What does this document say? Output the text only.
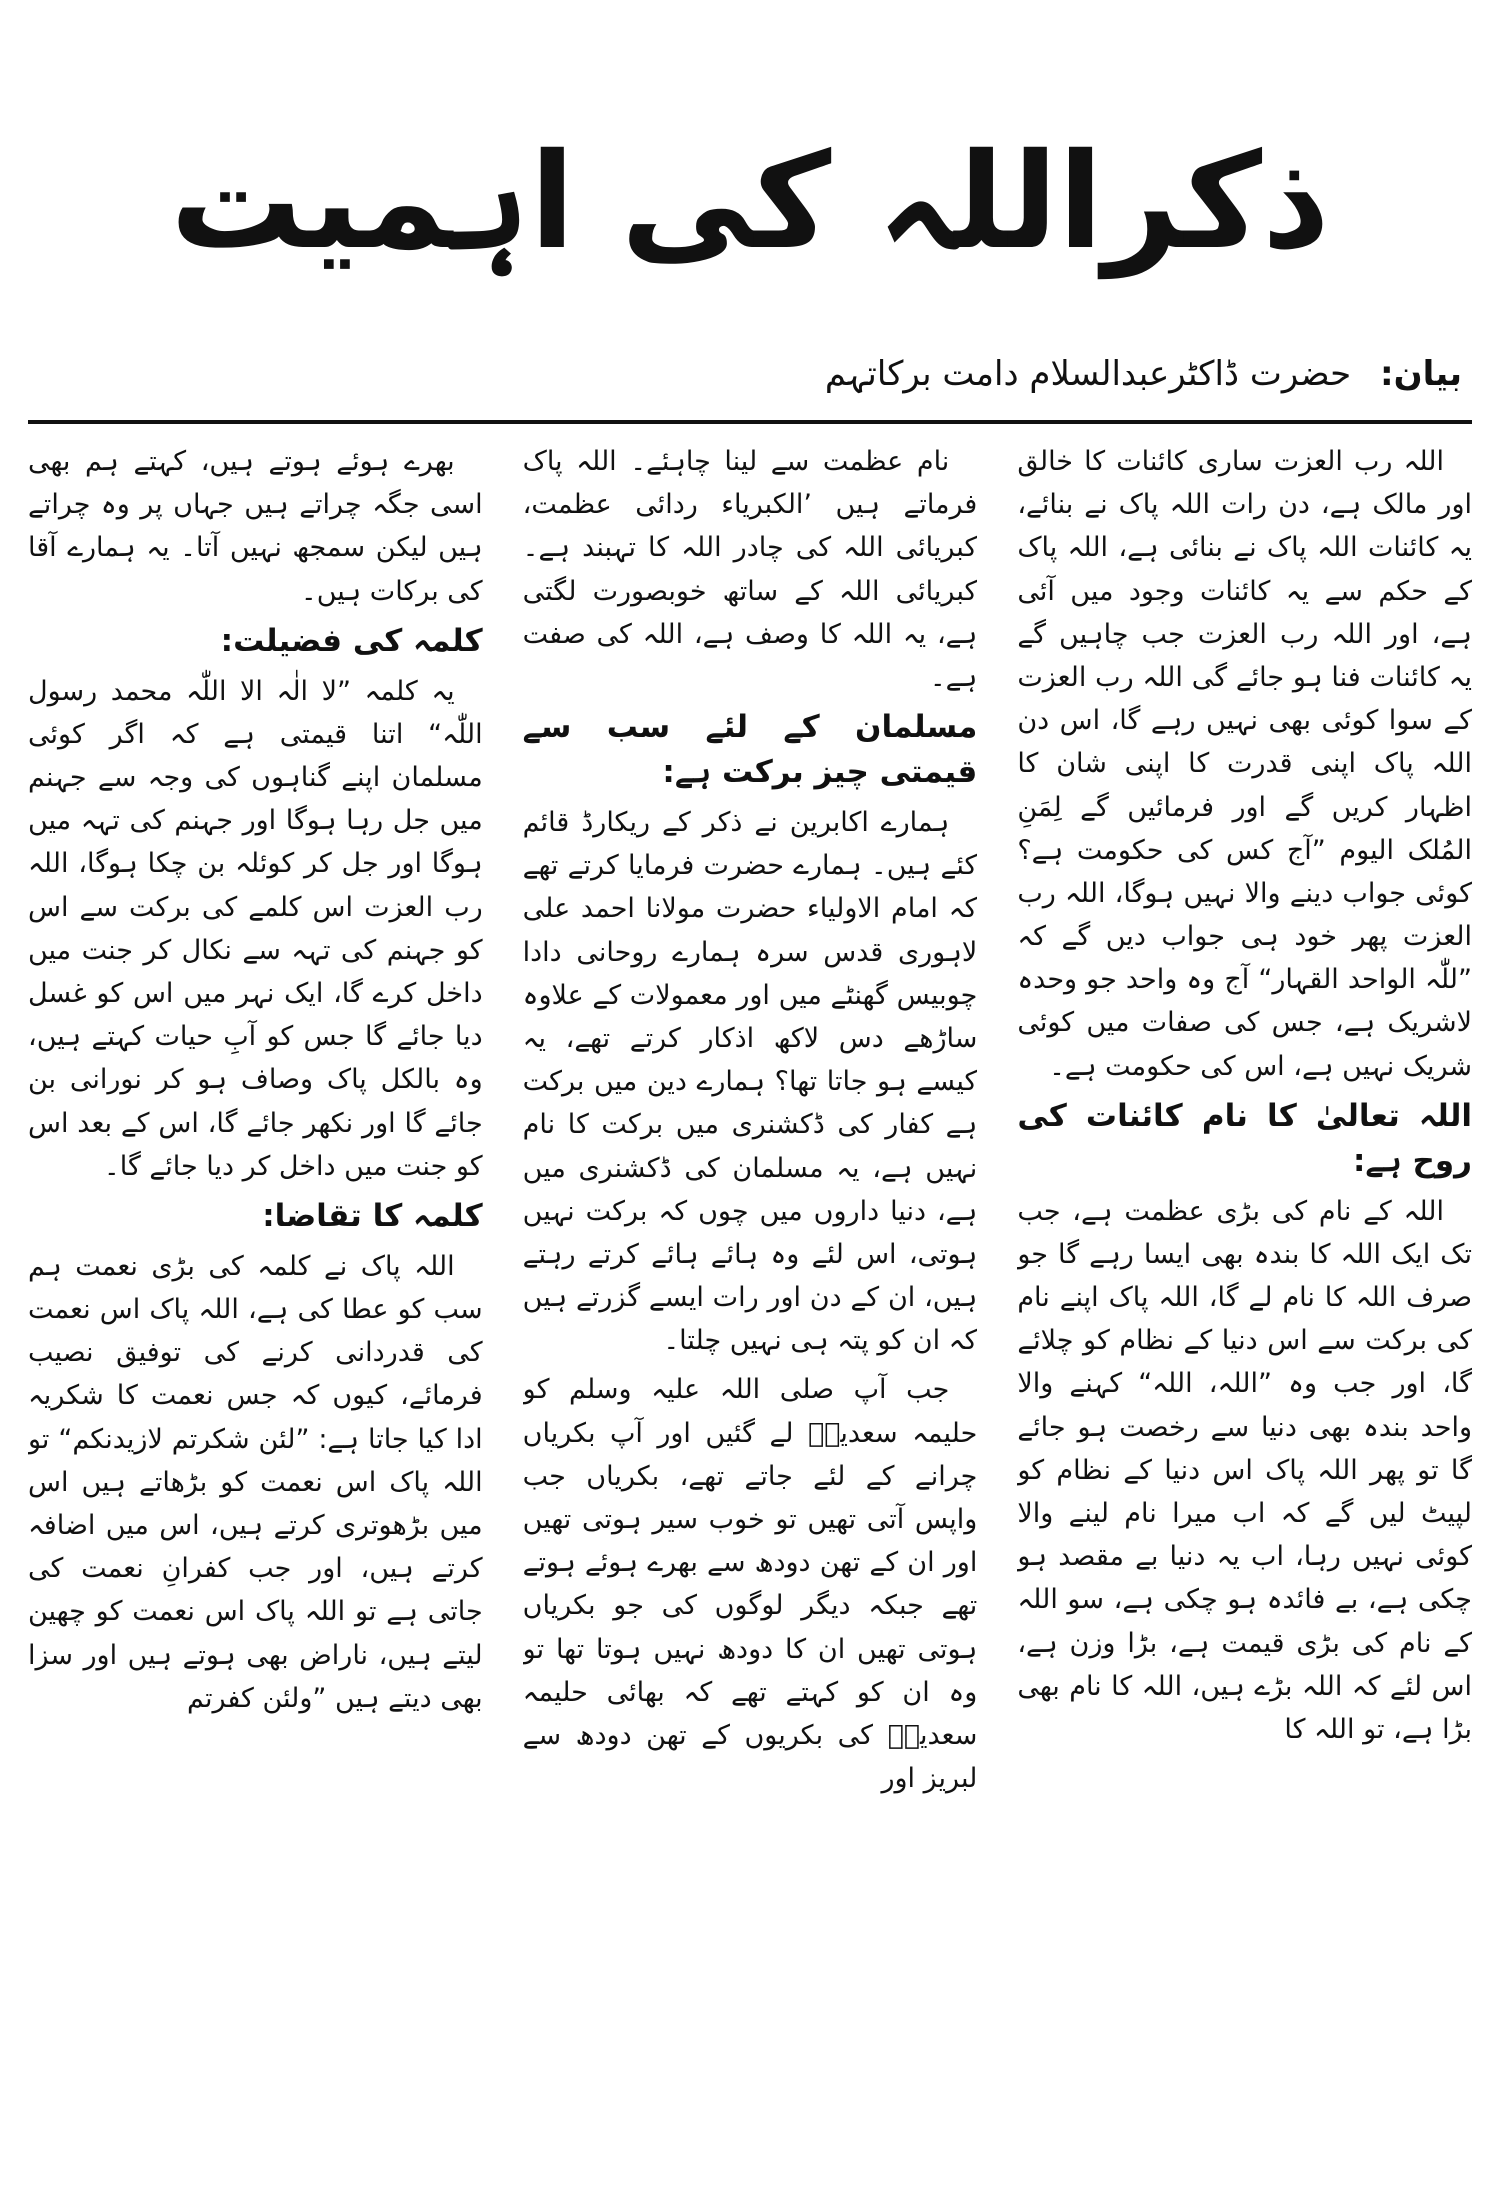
ذکراللہ کی اہمیت
بیان: حضرت ڈاکٹرعبدالسلام دامت برکاتہم

اللہ رب العزت ساری کائنات کا خالق اور مالک ہے، دن رات اللہ پاک نے بنائے، یہ کائنات اللہ پاک نے بنائی ہے، اللہ پاک کے حکم سے یہ کائنات وجود میں آئی ہے، اور اللہ رب العزت جب چاہیں گے یہ کائنات فنا ہو جائے گی اللہ رب العزت کے سوا کوئی بھی نہیں رہے گا، اس دن اللہ پاک اپنی قدرت کا اپنی شان کا اظہار کریں گے اور فرمائیں گے لِمَنِ المُلک الیوم ”آج کس کی حکومت ہے؟ کوئی جواب دینے والا نہیں ہوگا، اللہ رب العزت پھر خود ہی جواب دیں گے کہ ”للّٰہ الواحد القہار“ آج وہ واحد جو وحدہ لاشریک ہے، جس کی صفات میں کوئی شریک نہیں ہے، اس کی حکومت ہے۔

اللہ تعالیٰ کا نام کائنات کی روح ہے:

اللہ کے نام کی بڑی عظمت ہے، جب تک ایک اللہ کا بندہ بھی ایسا رہے گا جو صرف اللہ کا نام لے گا، اللہ پاک اپنے نام کی برکت سے اس دنیا کے نظام کو چلائے گا، اور جب وہ ”اللہ، اللہ“ کہنے والا واحد بندہ بھی دنیا سے رخصت ہو جائے گا تو پھر اللہ پاک اس دنیا کے نظام کو لپیٹ لیں گے کہ اب میرا نام لینے والا کوئی نہیں رہا، اب یہ دنیا بے مقصد ہو چکی ہے، بے فائدہ ہو چکی ہے، سو اللہ کے نام کی بڑی قیمت ہے، بڑا وزن ہے، اس لئے کہ اللہ بڑے ہیں، اللہ کا نام بھی بڑا ہے، تو اللہ کا

نام عظمت سے لینا چاہئے۔ اللہ پاک فرماتے ہیں ’الکبریاء ردائی عظمت، کبریائی اللہ کی چادر اللہ کا تہبند ہے۔ کبریائی اللہ کے ساتھ خوبصورت لگتی ہے، یہ اللہ کا وصف ہے، اللہ کی صفت ہے۔

مسلمان کے لئے سب سے قیمتی چیز برکت ہے:

ہمارے اکابرین نے ذکر کے ریکارڈ قائم کئے ہیں۔ ہمارے حضرت فرمایا کرتے تھے کہ امام الاولیاء حضرت مولانا احمد علی لاہوری قدس سرہ ہمارے روحانی دادا چوبیس گھنٹے میں اور معمولات کے علاوہ ساڑھے دس لاکھ اذکار کرتے تھے، یہ کیسے ہو جاتا تھا؟ ہمارے دین میں برکت ہے کفار کی ڈکشنری میں برکت کا نام نہیں ہے، یہ مسلمان کی ڈکشنری میں ہے، دنیا داروں میں چوں کہ برکت نہیں ہوتی، اس لئے وہ ہائے ہائے کرتے رہتے ہیں، ان کے دن اور رات ایسے گزرتے ہیں کہ ان کو پتہ ہی نہیں چلتا۔

جب آپ صلی اللہ علیہ وسلم کو حلیمہ سعدیہؓ لے گئیں اور آپ بکریاں چرانے کے لئے جاتے تھے، بکریاں جب واپس آتی تھیں تو خوب سیر ہوتی تھیں اور ان کے تھن دودھ سے بھرے ہوئے ہوتے تھے جبکہ دیگر لوگوں کی جو بکریاں ہوتی تھیں ان کا دودھ نہیں ہوتا تھا تو وہ ان کو کہتے تھے کہ بھائی حلیمہ سعدیہؓ کی بکریوں کے تھن دودھ سے لبریز اور

بھرے ہوئے ہوتے ہیں، کہتے ہم بھی اسی جگہ چراتے ہیں جہاں پر وہ چراتے ہیں لیکن سمجھ نہیں آتا۔ یہ ہمارے آقا کی برکات ہیں۔

کلمہ کی فضیلت:

یہ کلمہ ”لا الٰہ الا اللّٰہ محمد رسول اللّٰہ“ اتنا قیمتی ہے کہ اگر کوئی مسلمان اپنے گناہوں کی وجہ سے جہنم میں جل رہا ہوگا اور جہنم کی تہہ میں ہوگا اور جل کر کوئلہ بن چکا ہوگا، اللہ رب العزت اس کلمے کی برکت سے اس کو جہنم کی تہہ سے نکال کر جنت میں داخل کرے گا، ایک نہر میں اس کو غسل دیا جائے گا جس کو آبِ حیات کہتے ہیں، وہ بالکل پاک وصاف ہو کر نورانی بن جائے گا اور نکھر جائے گا، اس کے بعد اس کو جنت میں داخل کر دیا جائے گا۔

کلمہ کا تقاضا:

اللہ پاک نے کلمہ کی بڑی نعمت ہم سب کو عطا کی ہے، اللہ پاک اس نعمت کی قدردانی کرنے کی توفیق نصیب فرمائے، کیوں کہ جس نعمت کا شکریہ ادا کیا جاتا ہے: ”لئن شکرتم لازیدنکم“ تو اللہ پاک اس نعمت کو بڑھاتے ہیں اس میں بڑھوتری کرتے ہیں، اس میں اضافہ کرتے ہیں، اور جب کفرانِ نعمت کی جاتی ہے تو اللہ پاک اس نعمت کو چھین لیتے ہیں، ناراض بھی ہوتے ہیں اور سزا بھی دیتے ہیں ”ولئن کفرتم
